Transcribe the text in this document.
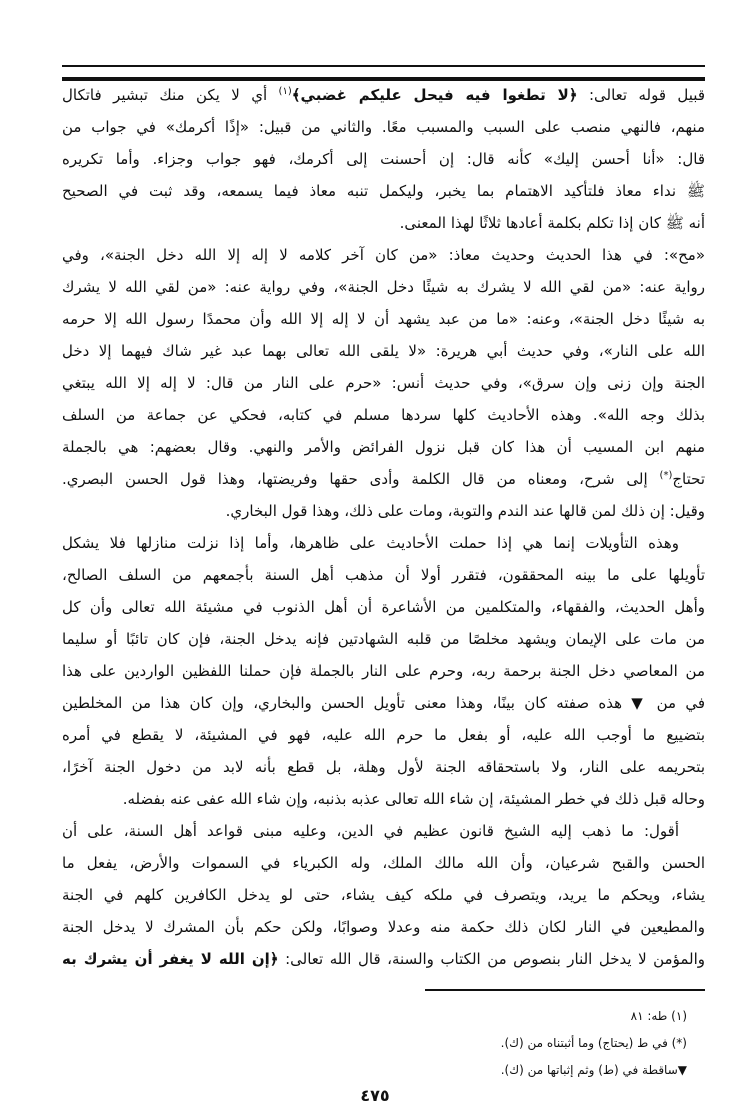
قبيل قوله تعالى: ﴿لا تطغوا فيه فيحل عليكم غضبي﴾$^{(١)}$ أي لا يكن منك تبشير فاتكال
منهم، فالنهي منصب على السبب والمسبب معًا. والثاني من قبيل: «إذًا أكرمك» في جواب من
قال: «أنا أحسن إليك» كأنه قال: إن أحسنت إلى أكرمك، فهو جواب وجزاء. وأما تكريره
ﷺ نداء معاذ فلتأكيد الاهتمام بما يخبر، وليكمل تنبه معاذ فيما يسمعه، وقد ثبت في الصحيح
أنه ﷺ كان إذا تكلم بكلمة أعادها ثلاثًا لهذا المعنى.
«مح»: في هذا الحديث وحديث معاذ: «من كان آخر كلامه لا إله إلا الله دخل الجنة»، وفي
رواية عنه: «من لقي الله لا يشرك به شيئًا دخل الجنة»، وفي رواية عنه: «من لقي الله لا يشرك
به شيئًا دخل الجنة»، وعنه: «ما من عبد يشهد أن لا إله إلا الله وأن محمدًا رسول الله إلا حرمه
الله على النار»، وفي حديث أبي هريرة: «لا يلقى الله تعالى بهما عبد غير شاك فيهما إلا دخل
الجنة وإن زنى وإن سرق»، وفي حديث أنس: «حرم على النار من قال: لا إله إلا الله يبتغي
بذلك وجه الله». وهذه الأحاديث كلها سردها مسلم في كتابه، فحكي عن جماعة من السلف
منهم ابن المسيب أن هذا كان قبل نزول الفرائض والأمر والنهي. وقال بعضهم: هي بالجملة
تحتاج(*) إلى شرح، ومعناه من قال الكلمة وأدى حقها وفريضتها، وهذا قول الحسن البصري.
وقيل: إن ذلك لمن قالها عند الندم والتوبة، ومات على ذلك، وهذا قول البخاري.
وهذه التأويلات إنما هي إذا حملت الأحاديث على ظاهرها، وأما إذا نزلت منازلها فلا يشكل
تأويلها على ما بينه المحققون، فتقرر أولا أن مذهب أهل السنة بأجمعهم من السلف الصالح،
وأهل الحديث، والفقهاء، والمتكلمين من الأشاعرة أن أهل الذنوب في مشيئة الله تعالى وأن كل
من مات على الإيمان ويشهد مخلصًا من قلبه الشهادتين فإنه يدخل الجنة، فإن كان تائبًا أو سليما
من المعاصي دخل الجنة برحمة ربه، وحرم على النار بالجملة فإن حملنا اللفظين الواردين على هذا
في من ▼ هذه صفته كان بينًا، وهذا معنى تأويل الحسن والبخاري، وإن كان هذا من المخلطين
بتضييع ما أوجب الله عليه، أو بفعل ما حرم الله عليه، فهو في المشيئة، لا يقطع في أمره
بتحريمه على النار، ولا باستحقاقه الجنة لأول وهلة، بل قطع بأنه لابد من دخول الجنة آخرًا،
وحاله قبل ذلك في خطر المشيئة، إن شاء الله تعالى عذبه بذنبه، وإن شاء الله عفى عنه بفضله.
أقول: ما ذهب إليه الشيخ قانون عظيم في الدين، وعليه مبنى قواعد أهل السنة، على أن
الحسن والقبح شرعيان، وأن الله مالك الملك، وله الكبرياء في السموات والأرض، يفعل ما
يشاء، ويحكم ما يريد، ويتصرف في ملكه كيف يشاء، حتى لو يدخل الكافرين كلهم في الجنة
والمطيعين في النار لكان ذلك حكمة منه وعدلا وصوابًا، ولكن حكم بأن المشرك لا يدخل الجنة
والمؤمن لا يدخل النار بنصوص من الكتاب والسنة، قال الله تعالى: ﴿إن الله لا يغفر أن يشرك به
(١) طه: ٨١
(*) في ط (يحتاج) وما أثبتناه من (ك).
▼ساقطة في (ط) وثم إثباتها من (ك).
٤٧٥
